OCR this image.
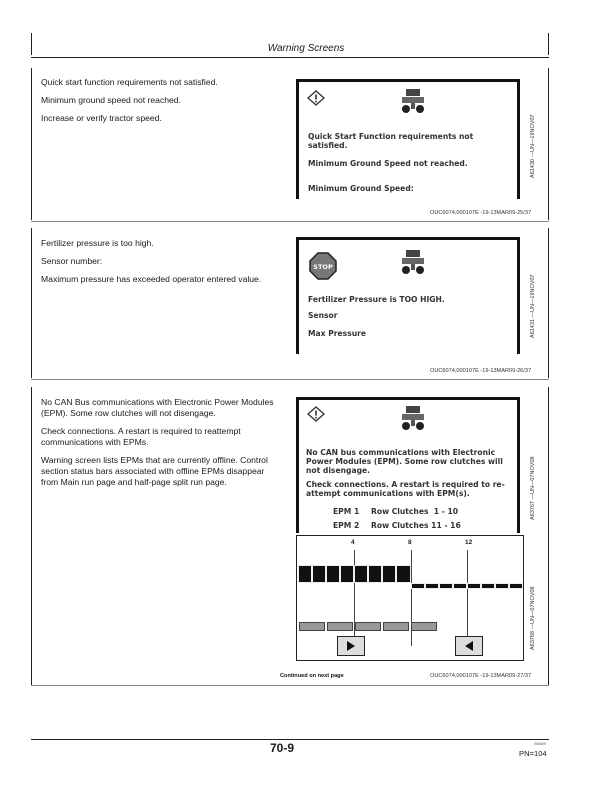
Warning Screens

Quick start function requirements not satisfied.

Minimum ground speed not reached.

Increase or verify tractor speed.

Quick Start Function requirements not satisfied.
Minimum Ground Speed not reached.
Minimum Ground Speed:
A61430 —UN—19NOV07
OUC6074,000107E -19-13MAR09-25/37

Fertilizer pressure is too high.

Sensor number:

Maximum pressure has exceeded operator entered value.

STOP
Fertilizer Pressure is TOO HIGH.
Sensor
Max Pressure	A61431 —UN—19NOV07
OUC6074,000107E -19-13MAR09-26/37

No CAN Bus communications with Electronic Power Modules (EPM). Some row clutches will not disengage.

Check connections. A restart is required to reattempt communications with EPMs.

Warning screen lists EPMs that are currently offline. Control section status bars associated with offline EPMs disappear from Main run page and half-page split run page.

No CAN bus communications with Electronic Power Modules (EPM). Some row clutches will not disengage.
Check connections. A restart is required to re-attempt communications with EPM(s).
EPM 1 Row Clutches  1 - 10
EPM 2 Row Clutches 11 - 16
A63767 —UN—07NOV08
4	8	12
A63768 —UN—07NOV08
Continued on next page	OUC6074,000107E -19-13MAR09-27/37
70-9	060809
PN=104
